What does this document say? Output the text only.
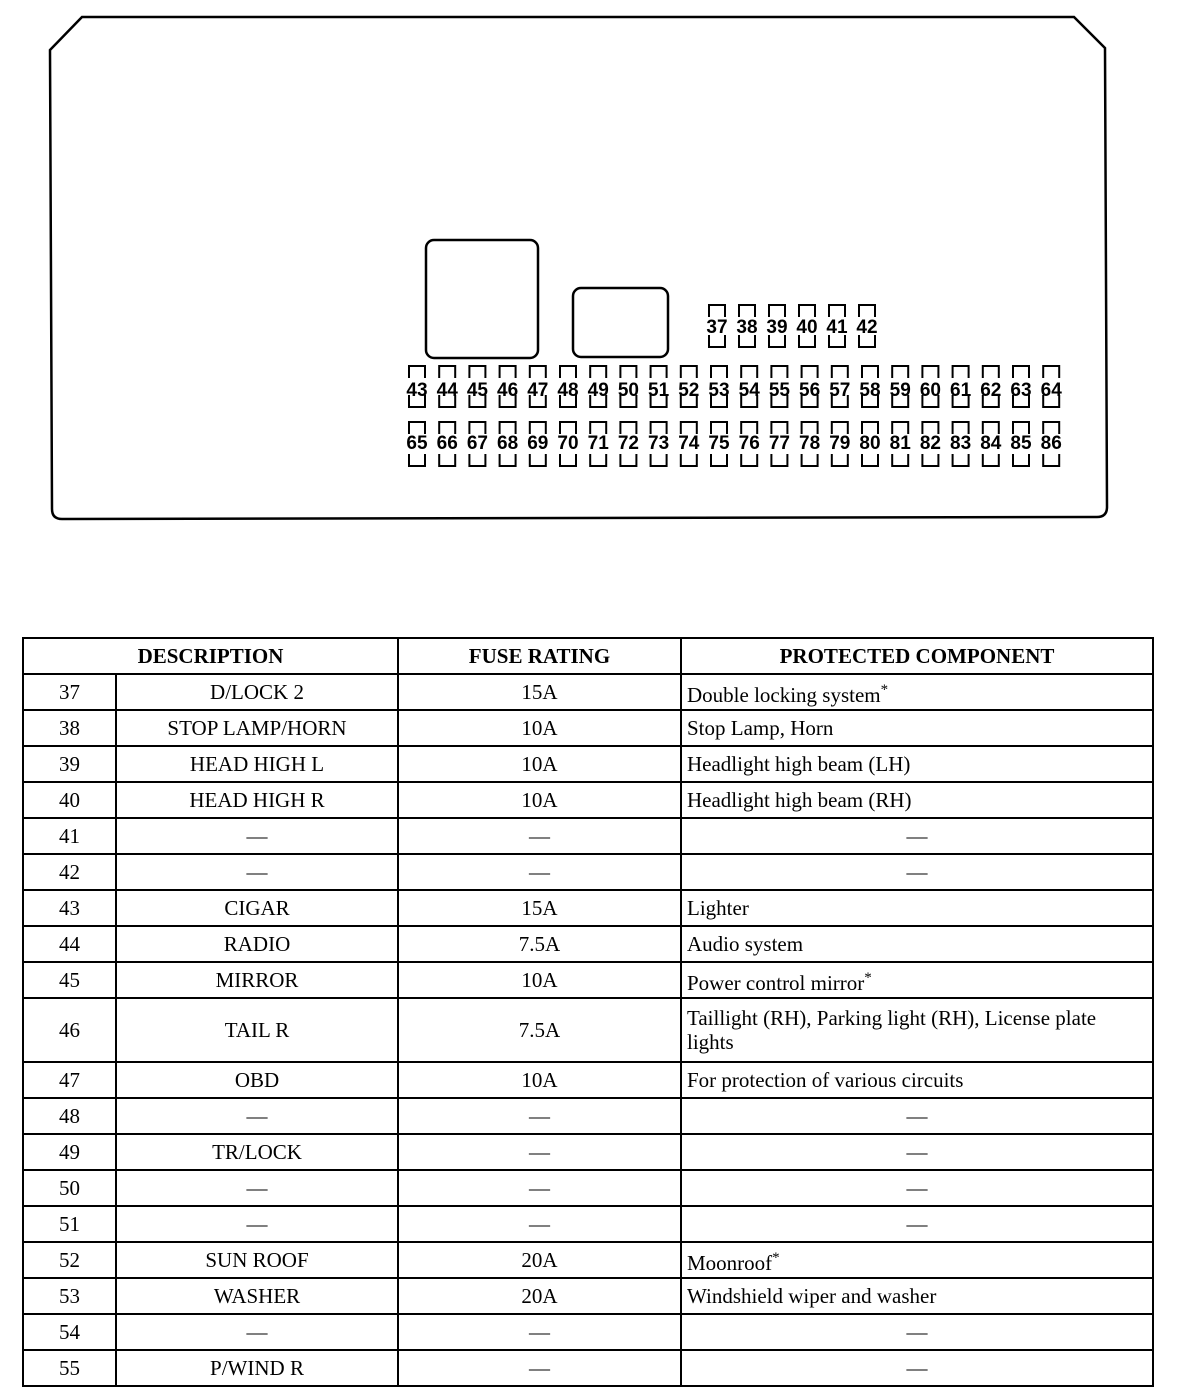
37 38 39 40 41 42
43 44 45 46 47 48 49 50 51 52 53 54 55 56 57 58 59 60 61 62 63 64
65 66 67 68 69 70 71 72 73 74 75 76 77 78 79 80 81 82 83 84 85 86
DESCRIPTION		FUSE RATING	PROTECTED COMPONENT
37	D/LOCK 2	15A	Double locking system*
38	STOP LAMP/HORN	10A	Stop Lamp, Horn
39	HEAD HIGH L	10A	Headlight high beam (LH)
40	HEAD HIGH R	10A	Headlight high beam (RH)
41	—	—	—
42	—	—	—
43	CIGAR	15A	Lighter
44	RADIO	7.5A	Audio system
45	MIRROR	10A	Power control mirror*
46	TAIL R	7.5A	Taillight (RH), Parking light (RH), License plate lights
47	OBD	10A	For protection of various circuits
48	—	—	—
49	TR/LOCK	—	—
50	—	—	—
51	—	—	—
52	SUN ROOF	20A	Moonroof*
53	WASHER	20A	Windshield wiper and washer
54	—	—	—
55	P/WIND R	—	—
